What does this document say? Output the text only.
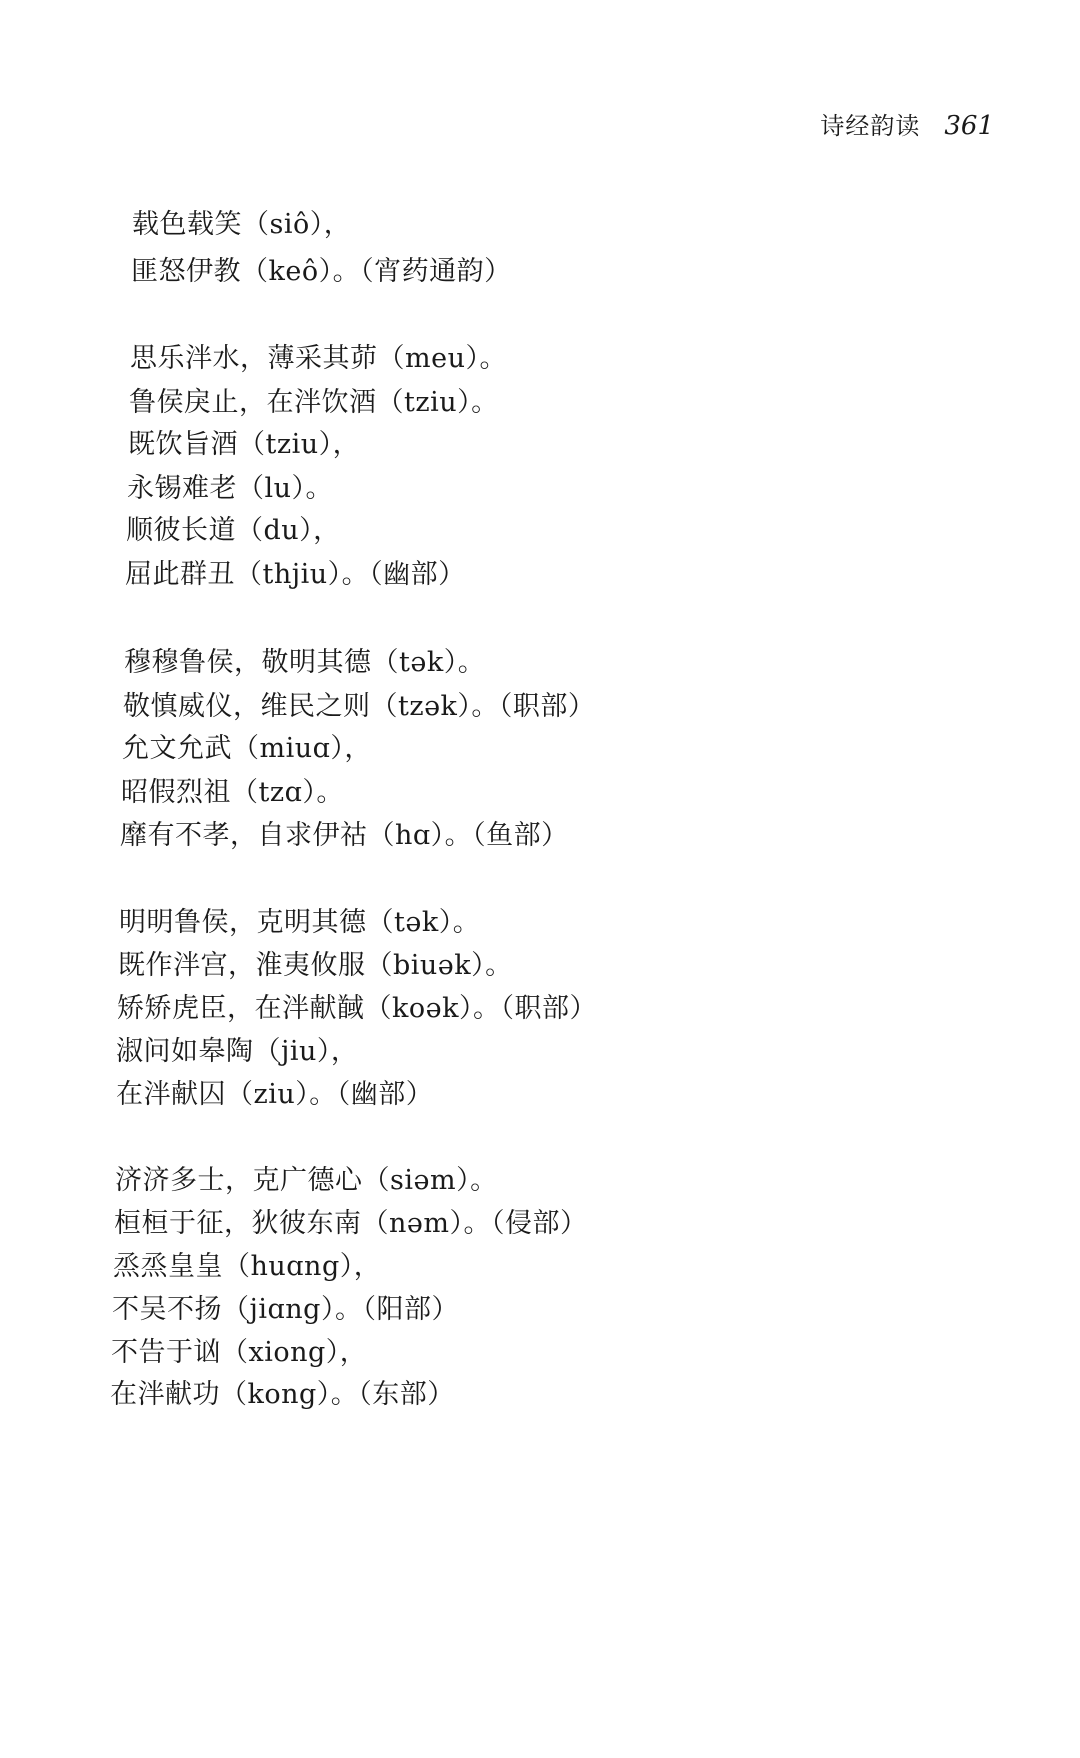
诗经韵读 361
载色载笑（siô），
匪怒伊教（keô）。（宵药通韵）
思乐泮水，薄采其茆（meu）。
鲁侯戾止，在泮饮酒（tziu）。
既饮旨酒（tziu），
永锡难老（lu）。
顺彼长道（du），
屈此群丑（thjiu）。（幽部）
穆穆鲁侯，敬明其德（tək）。
敬慎威仪，维民之则（tzək）。（职部）
允文允武（miuɑ），
昭假烈祖（tzɑ）。
靡有不孝，自求伊祜（hɑ）。（鱼部）
明明鲁侯，克明其德（tək）。
既作泮宫，淮夷攸服（biuək）。
矫矫虎臣，在泮献馘（koək）。（职部）
淑问如皋陶（jiu），
在泮献囚（ziu）。（幽部）
济济多士，克广德心（siəm）。
桓桓于征，狄彼东南（nəm）。（侵部）
烝烝皇皇（huɑng），
不吴不扬（jiɑng）。（阳部）
不告于讻（xiong），
在泮献功（kong）。（东部）
